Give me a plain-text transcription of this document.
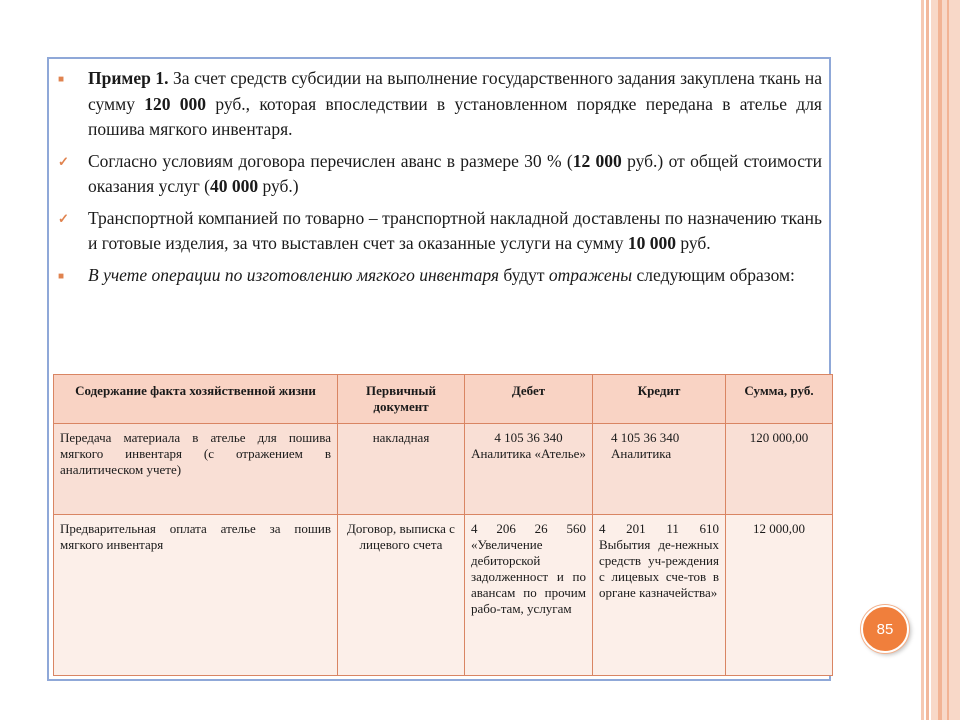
■	Пример 1. За счет средств субсидии на выполнение государственного задания закуплена ткань на сумму 120 000 руб., которая впоследствии в установленном порядке передана в ателье для пошива мягкого инвентаря.
✓	Согласно условиям договора перечислен аванс в размере 30 % (12 000 руб.) от общей стоимости оказания услуг (40 000 руб.)
✓	Транспортной компанией по товарно – транспортной накладной доставлены по назначению ткань и готовые изделия, за что выставлен счет за оказанные услуги на сумму 10 000 руб.
■	В учете операции по изготовлению мягкого инвентаря будут отражены следующим образом:
Содержание факта хозяйственной жизни	Первичный документ	Дебет	Кредит	Сумма, руб.
Передача материала в ателье для пошива мягкого инвентаря (с отражением в аналитическом учете)	накладная	4 105 36 340 Аналитика «Ателье»	4 105 36 340 Аналитика	120 000,00
Предварительная оплата ателье за пошив мягкого инвентаря	Договор, выписка с лицевого счета	4 206 26 560 «Увеличение дебиторской задолженност и по авансам по прочим рабо-там, услугам	4 201 11 610 Выбытия де-нежных средств уч-реждения с лицевых сче-тов в органе казначейства»	12 000,00
85
